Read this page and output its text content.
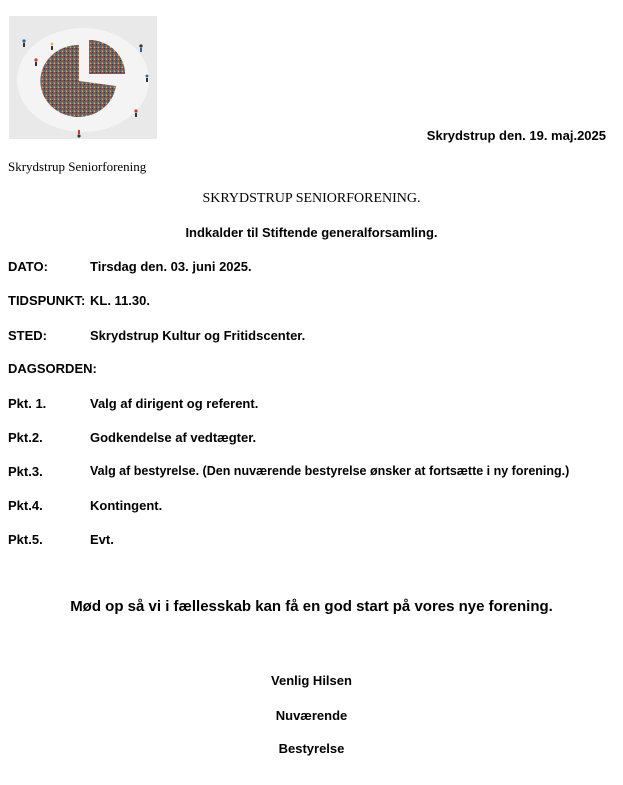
Skrydstrup den. 19. maj.2025
Skrydstrup Seniorforening
SKRYDSTRUP SENIORFORENING.
Indkalder til Stiftende generalforsamling.
DATO:	Tirsdag den. 03. juni 2025.
TIDSPUNKT: KL. 11.30.
STED:	Skrydstrup Kultur og Fritidscenter.
DAGSORDEN:
Pkt. 1.	Valg af dirigent og referent.
Pkt.2.	Godkendelse af vedtægter.
Pkt.3.	Valg af bestyrelse. (Den nuværende bestyrelse ønsker at fortsætte i ny forening.)
Pkt.4.	Kontingent.
Pkt.5.	Evt.
Mød op så vi i fællesskab kan få en god start på vores nye forening.
Venlig Hilsen
Nuværende
Bestyrelse
